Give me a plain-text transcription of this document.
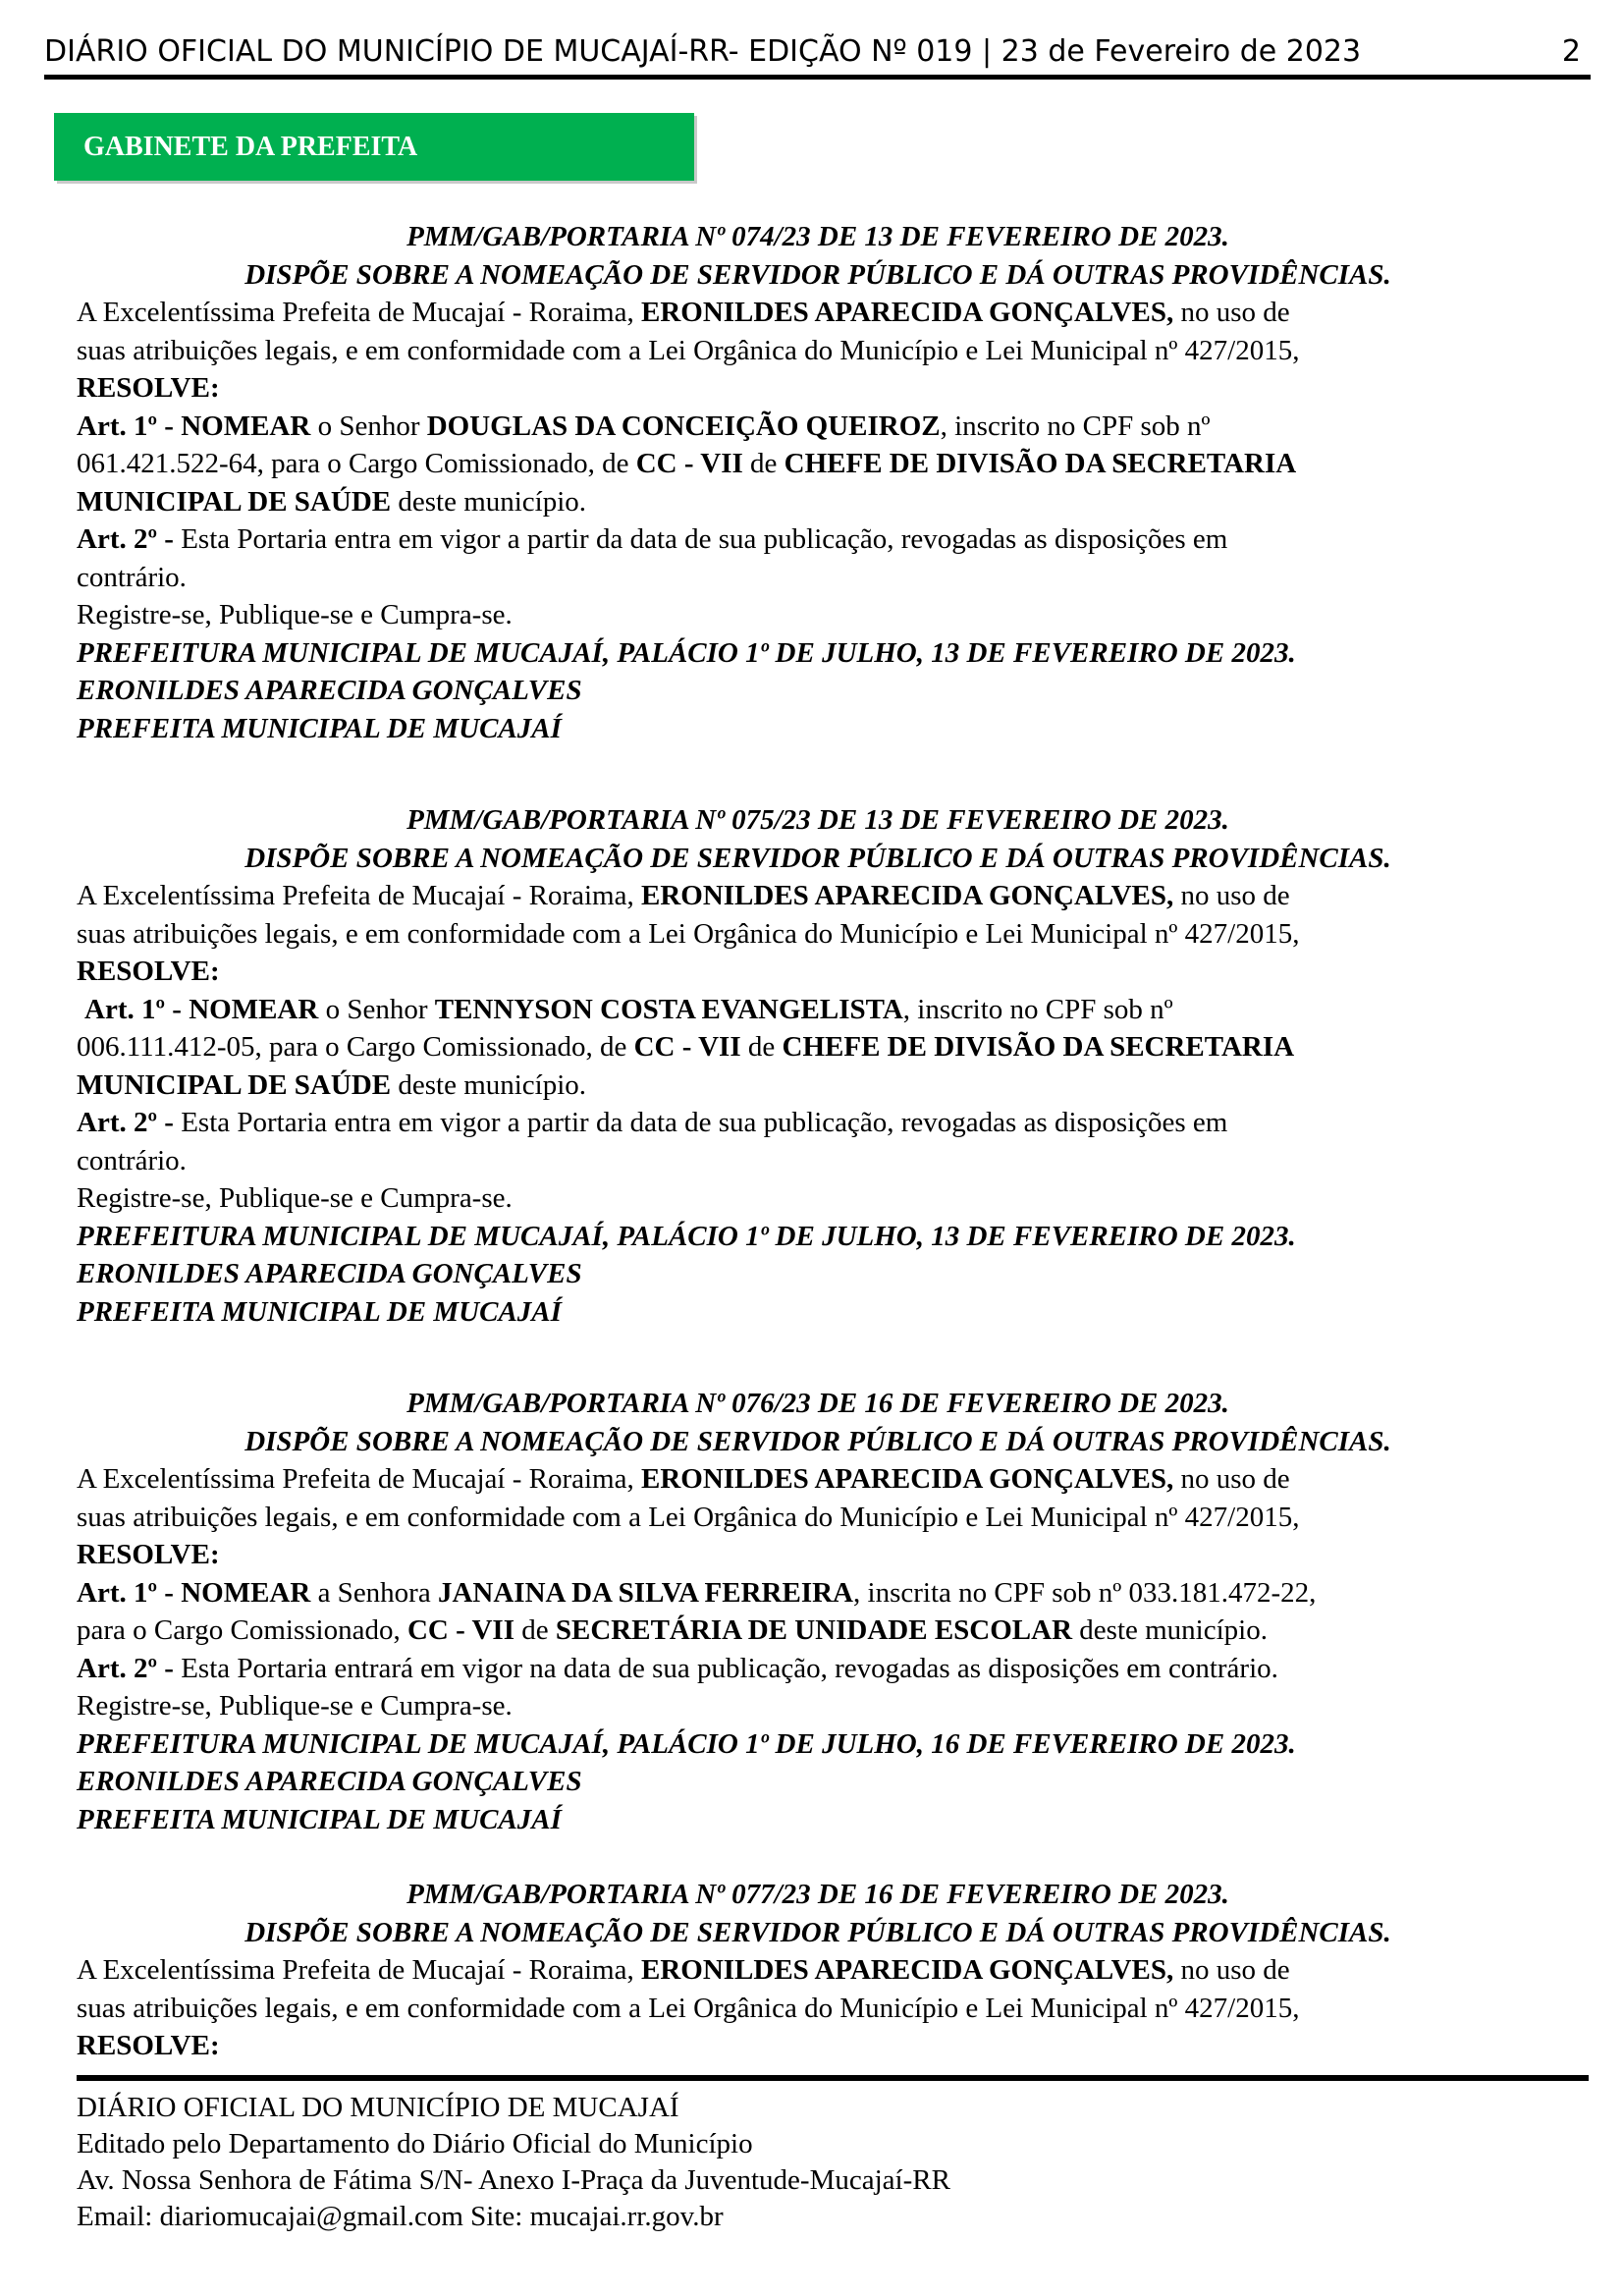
DIÁRIO OFICIAL DO MUNICÍPIO DE MUCAJAÍ-RR- EDIÇÃO Nº 019 | 23 de Fevereiro de 2023	2
GABINETE DA PREFEITA
PMM/GAB/PORTARIA Nº 074/23 DE 13 DE FEVEREIRO DE 2023.
DISPÕE SOBRE A NOMEAÇÃO DE SERVIDOR PÚBLICO E DÁ OUTRAS PROVIDÊNCIAS.
A Excelentíssima Prefeita de Mucajaí - Roraima, ERONILDES APARECIDA GONÇALVES, no uso de
suas atribuições legais, e em conformidade com a Lei Orgânica do Município e Lei Municipal nº 427/2015,
RESOLVE:
Art. 1º - NOMEAR o Senhor DOUGLAS DA CONCEIÇÃO QUEIROZ, inscrito no CPF sob nº
061.421.522-64, para o Cargo Comissionado, de CC - VII de CHEFE DE DIVISÃO DA SECRETARIA
MUNICIPAL DE SAÚDE deste município.
Art. 2º - Esta Portaria entra em vigor a partir da data de sua publicação, revogadas as disposições em
contrário.
Registre-se, Publique-se e Cumpra-se.
PREFEITURA MUNICIPAL DE MUCAJAÍ, PALÁCIO 1º DE JULHO, 13 DE FEVEREIRO DE 2023.
ERONILDES APARECIDA GONÇALVES
PREFEITA MUNICIPAL DE MUCAJAÍ
PMM/GAB/PORTARIA Nº 075/23 DE 13 DE FEVEREIRO DE 2023.
DISPÕE SOBRE A NOMEAÇÃO DE SERVIDOR PÚBLICO E DÁ OUTRAS PROVIDÊNCIAS.
A Excelentíssima Prefeita de Mucajaí - Roraima, ERONILDES APARECIDA GONÇALVES, no uso de
suas atribuições legais, e em conformidade com a Lei Orgânica do Município e Lei Municipal nº 427/2015,
RESOLVE:
Art. 1º - NOMEAR o Senhor TENNYSON COSTA EVANGELISTA, inscrito no CPF sob nº
006.111.412-05, para o Cargo Comissionado, de CC - VII de CHEFE DE DIVISÃO DA SECRETARIA
MUNICIPAL DE SAÚDE deste município.
Art. 2º - Esta Portaria entra em vigor a partir da data de sua publicação, revogadas as disposições em
contrário.
Registre-se, Publique-se e Cumpra-se.
PREFEITURA MUNICIPAL DE MUCAJAÍ, PALÁCIO 1º DE JULHO, 13 DE FEVEREIRO DE 2023.
ERONILDES APARECIDA GONÇALVES
PREFEITA MUNICIPAL DE MUCAJAÍ
PMM/GAB/PORTARIA Nº 076/23 DE 16 DE FEVEREIRO DE 2023.
DISPÕE SOBRE A NOMEAÇÃO DE SERVIDOR PÚBLICO E DÁ OUTRAS PROVIDÊNCIAS.
A Excelentíssima Prefeita de Mucajaí - Roraima, ERONILDES APARECIDA GONÇALVES, no uso de
suas atribuições legais, e em conformidade com a Lei Orgânica do Município e Lei Municipal nº 427/2015,
RESOLVE:
Art. 1º - NOMEAR a Senhora JANAINA DA SILVA FERREIRA, inscrita no CPF sob nº 033.181.472-22,
para o Cargo Comissionado, CC - VII de SECRETÁRIA DE UNIDADE ESCOLAR deste município.
Art. 2º - Esta Portaria entrará em vigor na data de sua publicação, revogadas as disposições em contrário.
Registre-se, Publique-se e Cumpra-se.
PREFEITURA MUNICIPAL DE MUCAJAÍ, PALÁCIO 1º DE JULHO, 16 DE FEVEREIRO DE 2023.
ERONILDES APARECIDA GONÇALVES
PREFEITA MUNICIPAL DE MUCAJAÍ
PMM/GAB/PORTARIA Nº 077/23 DE 16 DE FEVEREIRO DE 2023.
DISPÕE SOBRE A NOMEAÇÃO DE SERVIDOR PÚBLICO E DÁ OUTRAS PROVIDÊNCIAS.
A Excelentíssima Prefeita de Mucajaí - Roraima, ERONILDES APARECIDA GONÇALVES, no uso de
suas atribuições legais, e em conformidade com a Lei Orgânica do Município e Lei Municipal nº 427/2015,
RESOLVE:
DIÁRIO OFICIAL DO MUNICÍPIO DE MUCAJAÍ
Editado pelo Departamento do Diário Oficial do Município
Av. Nossa Senhora de Fátima S/N- Anexo I-Praça da Juventude-Mucajaí-RR
Email: diariomucajai@gmail.com Site: mucajai.rr.gov.br
